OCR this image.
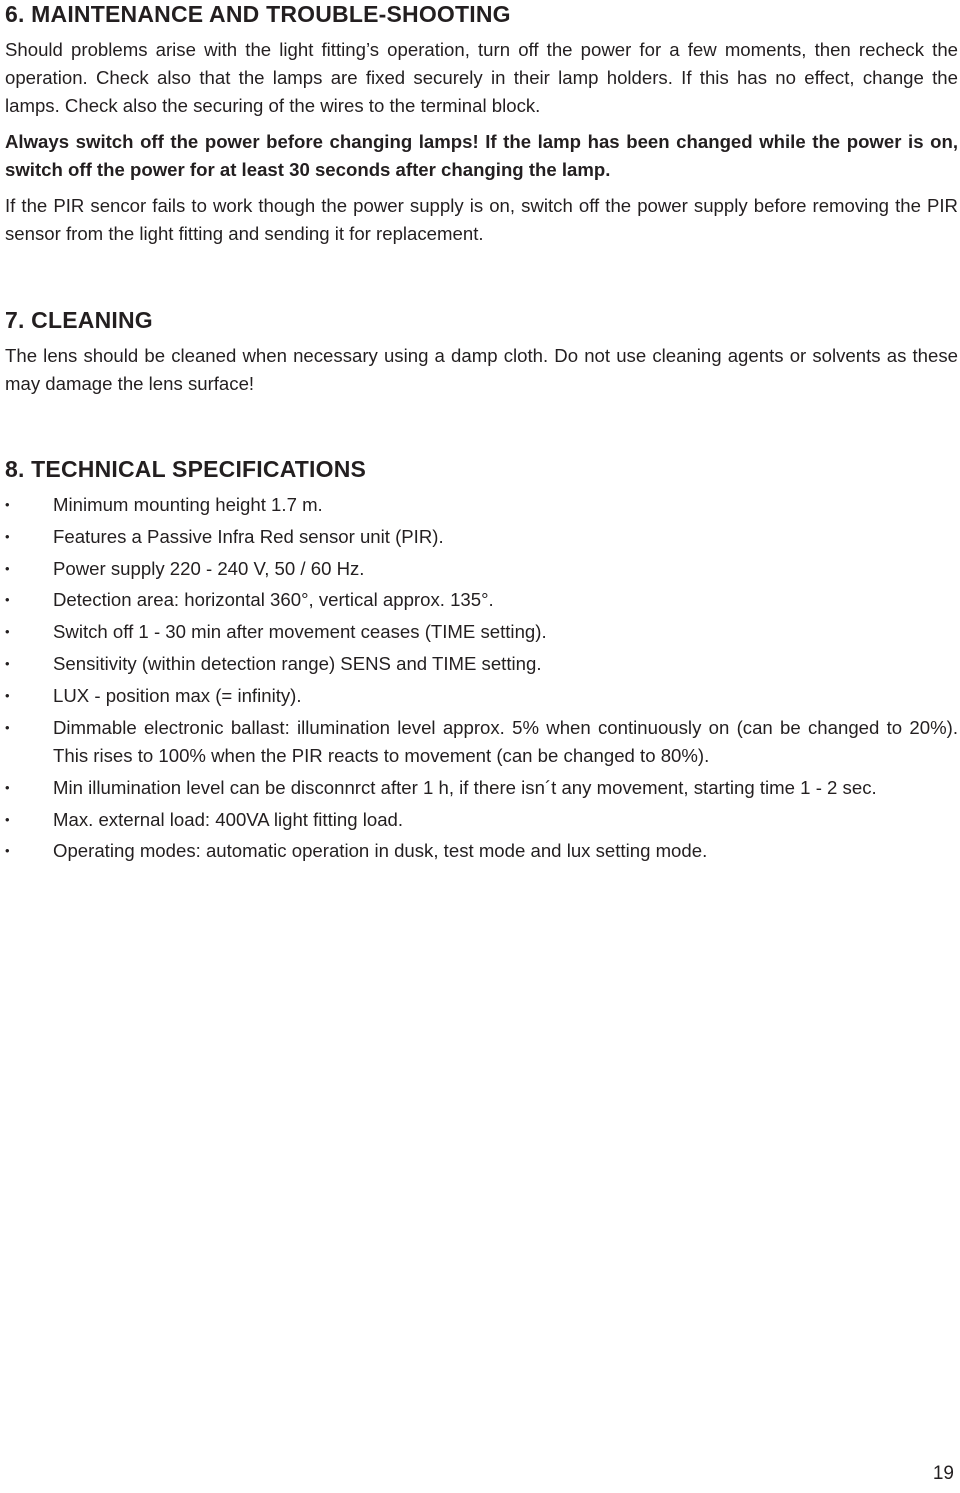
6. MAINTENANCE AND TROUBLE-SHOOTING

Should problems arise with the light fitting’s operation, turn off the power for a few moments, then recheck the operation. Check also that the lamps are fixed securely in their lamp holders. If this has no effect, change the lamps. Check also the securing of the wires to the terminal block.

Always switch off the power before changing lamps! If the lamp has been changed while the power is on, switch off the power for at least 30 seconds after changing the lamp.

If the PIR sencor fails to work though the power supply is on, switch off the power supply before removing the PIR sensor from the light fitting and sending it for replacement.

7. CLEANING

The lens should be cleaned when necessary using a damp cloth. Do not use cleaning agents or solvents as these may damage the lens surface!

8. TECHNICAL SPECIFICATIONS
• Minimum mounting height 1.7 m.
• Features a Passive Infra Red sensor unit (PIR).
• Power supply 220 - 240 V, 50 / 60 Hz.
• Detection area: horizontal 360°, vertical approx. 135°.
• Switch off 1 - 30 min after movement ceases (TIME setting).
• Sensitivity (within detection range) SENS and TIME setting.
• LUX - position max (= infinity).
• Dimmable electronic ballast: illumination level approx. 5% when continuously on (can be changed to 20%). This rises to 100% when the PIR reacts to movement (can be changed to 80%).
• Min illumination level can be disconnrct after 1 h, if there isn´t any movement, starting time 1 - 2 sec.
• Max. external load: 400VA light fitting load.
• Operating modes: automatic operation in dusk, test mode and lux setting mode.
19
